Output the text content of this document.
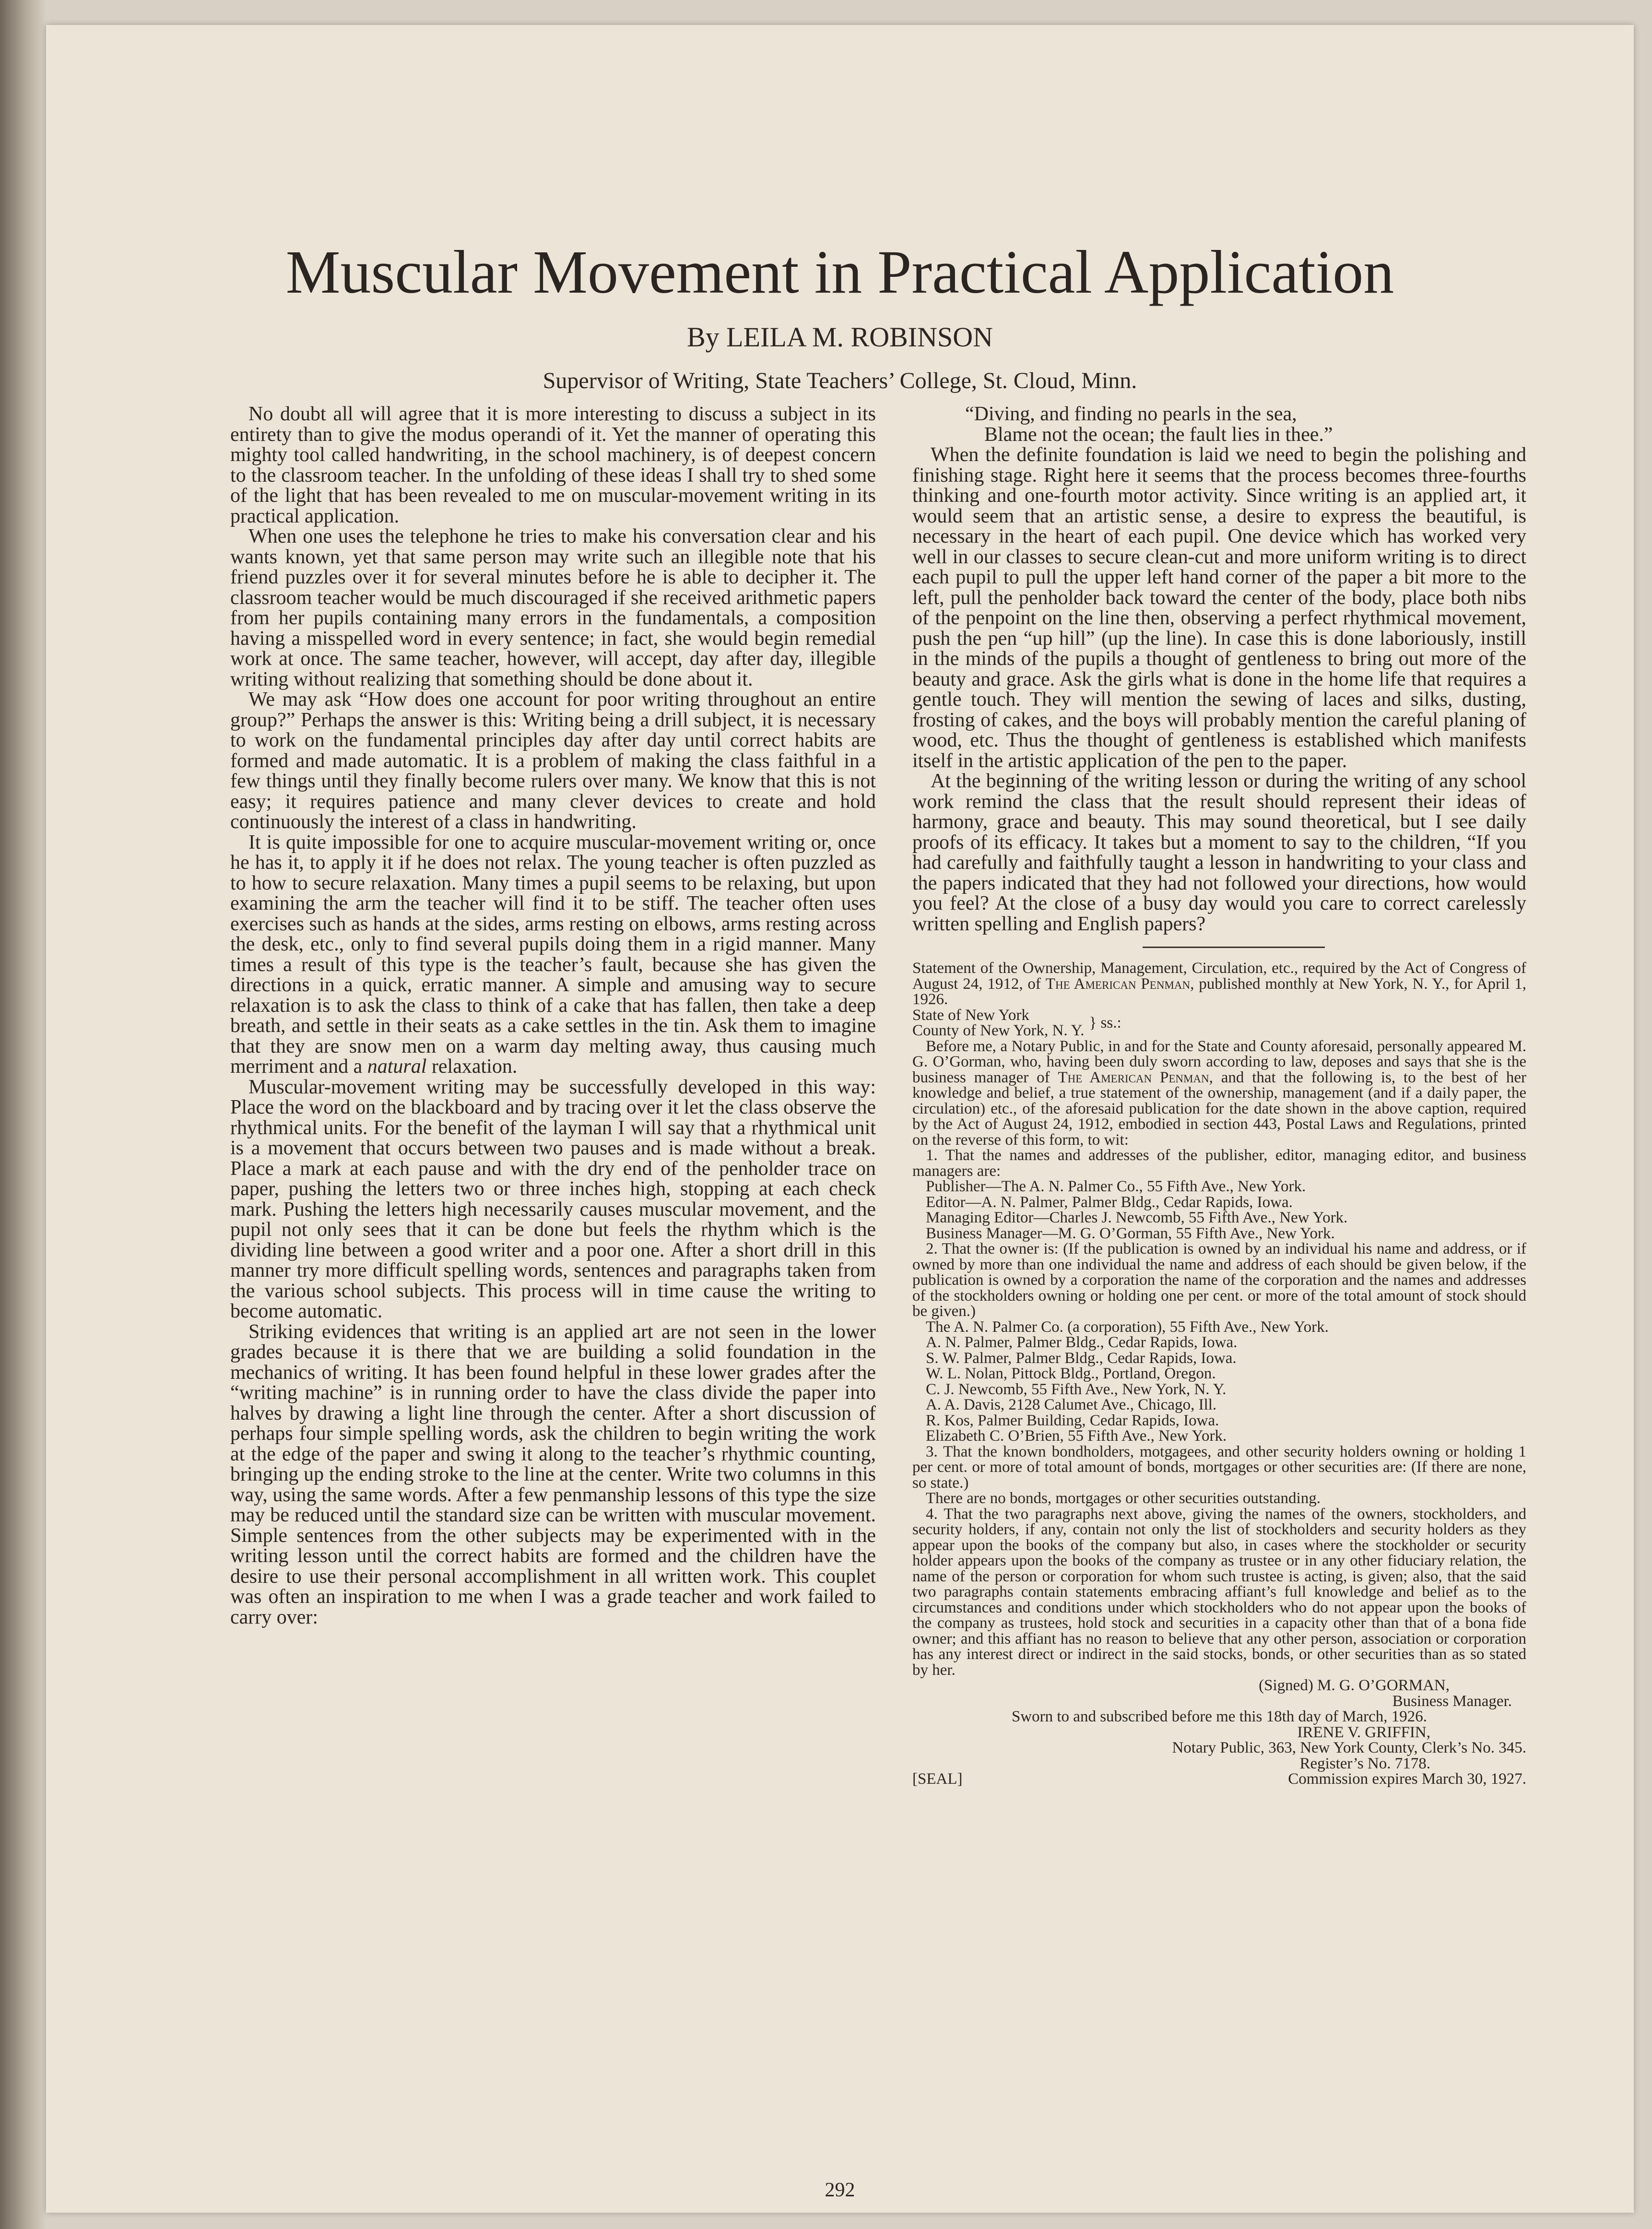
Muscular Movement in Practical Application
By LEILA M. ROBINSON
Supervisor of Writing, State Teachers’ College, St. Cloud, Minn.

No doubt all will agree that it is more interesting to discuss a subject in its entirety than to give the modus operandi of it. Yet the manner of operating this mighty tool called handwriting, in the school machinery, is of deepest concern to the classroom teacher. In the unfolding of these ideas I shall try to shed some of the light that has been revealed to me on muscular-movement writing in its practical application.

When one uses the telephone he tries to make his conversation clear and his wants known, yet that same person may write such an illegible note that his friend puzzles over it for several minutes before he is able to decipher it. The classroom teacher would be much discouraged if she received arithmetic papers from her pupils containing many errors in the fundamentals, a composition having a misspelled word in every sentence; in fact, she would begin remedial work at once. The same teacher, however, will accept, day after day, illegible writing without realizing that something should be done about it.

We may ask “How does one account for poor writing throughout an entire group?” Perhaps the answer is this: Writing being a drill subject, it is necessary to work on the fundamental principles day after day until correct habits are formed and made automatic. It is a problem of making the class faithful in a few things until they finally become rulers over many. We know that this is not easy; it requires patience and many clever devices to create and hold continuously the interest of a class in handwriting.

It is quite impossible for one to acquire muscular-movement writing or, once he has it, to apply it if he does not relax. The young teacher is often puzzled as to how to secure relaxation. Many times a pupil seems to be relaxing, but upon examining the arm the teacher will find it to be stiff. The teacher often uses exercises such as hands at the sides, arms resting on elbows, arms resting across the desk, etc., only to find several pupils doing them in a rigid manner. Many times a result of this type is the teacher’s fault, because she has given the directions in a quick, erratic manner. A simple and amusing way to secure relaxation is to ask the class to think of a cake that has fallen, then take a deep breath, and settle in their seats as a cake settles in the tin. Ask them to imagine that they are snow men on a warm day melting away, thus causing much merriment and a natural relaxation.

Muscular-movement writing may be successfully developed in this way: Place the word on the blackboard and by tracing over it let the class observe the rhythmical units. For the benefit of the layman I will say that a rhythmical unit is a movement that occurs between two pauses and is made without a break. Place a mark at each pause and with the dry end of the penholder trace on paper, pushing the letters two or three inches high, stopping at each check mark. Pushing the letters high necessarily causes muscular movement, and the pupil not only sees that it can be done but feels the rhythm which is the dividing line between a good writer and a poor one. After a short drill in this manner try more difficult spelling words, sentences and paragraphs taken from the various school subjects. This process will in time cause the writing to become automatic.

Striking evidences that writing is an applied art are not seen in the lower grades because it is there that we are building a solid foundation in the mechanics of writing. It has been found helpful in these lower grades after the “writing machine” is in running order to have the class divide the paper into halves by drawing a light line through the center. After a short discussion of perhaps four simple spelling words, ask the children to begin writing the work at the edge of the paper and swing it along to the teacher’s rhythmic counting, bringing up the ending stroke to the line at the center. Write two columns in this way, using the same words. After a few penmanship lessons of this type the size may be reduced until the standard size can be written with muscular movement. Simple sentences from the other subjects may be experimented with in the writing lesson until the correct habits are formed and the children have the desire to use their personal accomplishment in all written work. This couplet was often an inspiration to me when I was a grade teacher and work failed to carry over:

“Diving, and finding no pearls in the sea,
Blame not the ocean; the fault lies in thee.”

When the definite foundation is laid we need to begin the polishing and finishing stage. Right here it seems that the process becomes three-fourths thinking and one-fourth motor activity. Since writing is an applied art, it would seem that an artistic sense, a desire to express the beautiful, is necessary in the heart of each pupil. One device which has worked very well in our classes to secure clean-cut and more uniform writing is to direct each pupil to pull the upper left hand corner of the paper a bit more to the left, pull the penholder back toward the center of the body, place both nibs of the penpoint on the line then, observing a perfect rhythmical movement, push the pen “up hill” (up the line). In case this is done laboriously, instill in the minds of the pupils a thought of gentleness to bring out more of the beauty and grace. Ask the girls what is done in the home life that requires a gentle touch. They will mention the sewing of laces and silks, dusting, frosting of cakes, and the boys will probably mention the careful planing of wood, etc. Thus the thought of gentleness is established which manifests itself in the artistic application of the pen to the paper.

At the beginning of the writing lesson or during the writing of any school work remind the class that the result should represent their ideas of harmony, grace and beauty. This may sound theoretical, but I see daily proofs of its efficacy. It takes but a moment to say to the children, “If you had carefully and faithfully taught a lesson in handwriting to your class and the papers indicated that they had not followed your directions, how would you feel? At the close of a busy day would you care to correct carelessly written spelling and English papers?

Statement of the Ownership, Management, Circulation, etc., required by the Act of Congress of August 24, 1912, of The American Penman, published monthly at New York, N. Y., for April 1, 1926.

State of New York
County of New York, N. Y. } ss.:

Before me, a Notary Public, in and for the State and County aforesaid, personally appeared M. G. O’Gorman, who, having been duly sworn according to law, deposes and says that she is the business manager of The American Penman, and that the following is, to the best of her knowledge and belief, a true statement of the ownership, management (and if a daily paper, the circulation) etc., of the aforesaid publication for the date shown in the above caption, required by the Act of August 24, 1912, embodied in section 443, Postal Laws and Regulations, printed on the reverse of this form, to wit:

1. That the names and addresses of the publisher, editor, managing editor, and business managers are:

Publisher—The A. N. Palmer Co., 55 Fifth Ave., New York.
Editor—A. N. Palmer, Palmer Bldg., Cedar Rapids, Iowa.
Managing Editor—Charles J. Newcomb, 55 Fifth Ave., New York.
Business Manager—M. G. O’Gorman, 55 Fifth Ave., New York.

2. That the owner is: (If the publication is owned by an individual his name and address, or if owned by more than one individual the name and address of each should be given below, if the publication is owned by a corporation the name of the corporation and the names and addresses of the stockholders owning or holding one per cent. or more of the total amount of stock should be given.)

The A. N. Palmer Co. (a corporation), 55 Fifth Ave., New York.
A. N. Palmer, Palmer Bldg., Cedar Rapids, Iowa.
S. W. Palmer, Palmer Bldg., Cedar Rapids, Iowa.
W. L. Nolan, Pittock Bldg., Portland, Oregon.
C. J. Newcomb, 55 Fifth Ave., New York, N. Y.
A. A. Davis, 2128 Calumet Ave., Chicago, Ill.
R. Kos, Palmer Building, Cedar Rapids, Iowa.
Elizabeth C. O’Brien, 55 Fifth Ave., New York.

3. That the known bondholders, motgagees, and other security holders owning or holding 1 per cent. or more of total amount of bonds, mortgages or other securities are: (If there are none, so state.)

There are no bonds, mortgages or other securities outstanding.

4. That the two paragraphs next above, giving the names of the owners, stockholders, and security holders, if any, contain not only the list of stockholders and security holders as they appear upon the books of the company but also, in cases where the stockholder or security holder appears upon the books of the company as trustee or in any other fiduciary relation, the name of the person or corporation for whom such trustee is acting, is given; also, that the said two paragraphs contain statements embracing affiant’s full knowledge and belief as to the circumstances and conditions under which stockholders who do not appear upon the books of the company as trustees, hold stock and securities in a capacity other than that of a bona fide owner; and this affiant has no reason to believe that any other person, association or corporation has any interest direct or indirect in the said stocks, bonds, or other securities than as so stated by her.

(Signed) M. G. O’GORMAN,
Business Manager.
Sworn to and subscribed before me this 18th day of March, 1926.
IRENE V. GRIFFIN,
Notary Public, 363, New York County, Clerk’s No. 345.
Register’s No. 7178.
[SEAL]	Commission expires March 30, 1927.
292
